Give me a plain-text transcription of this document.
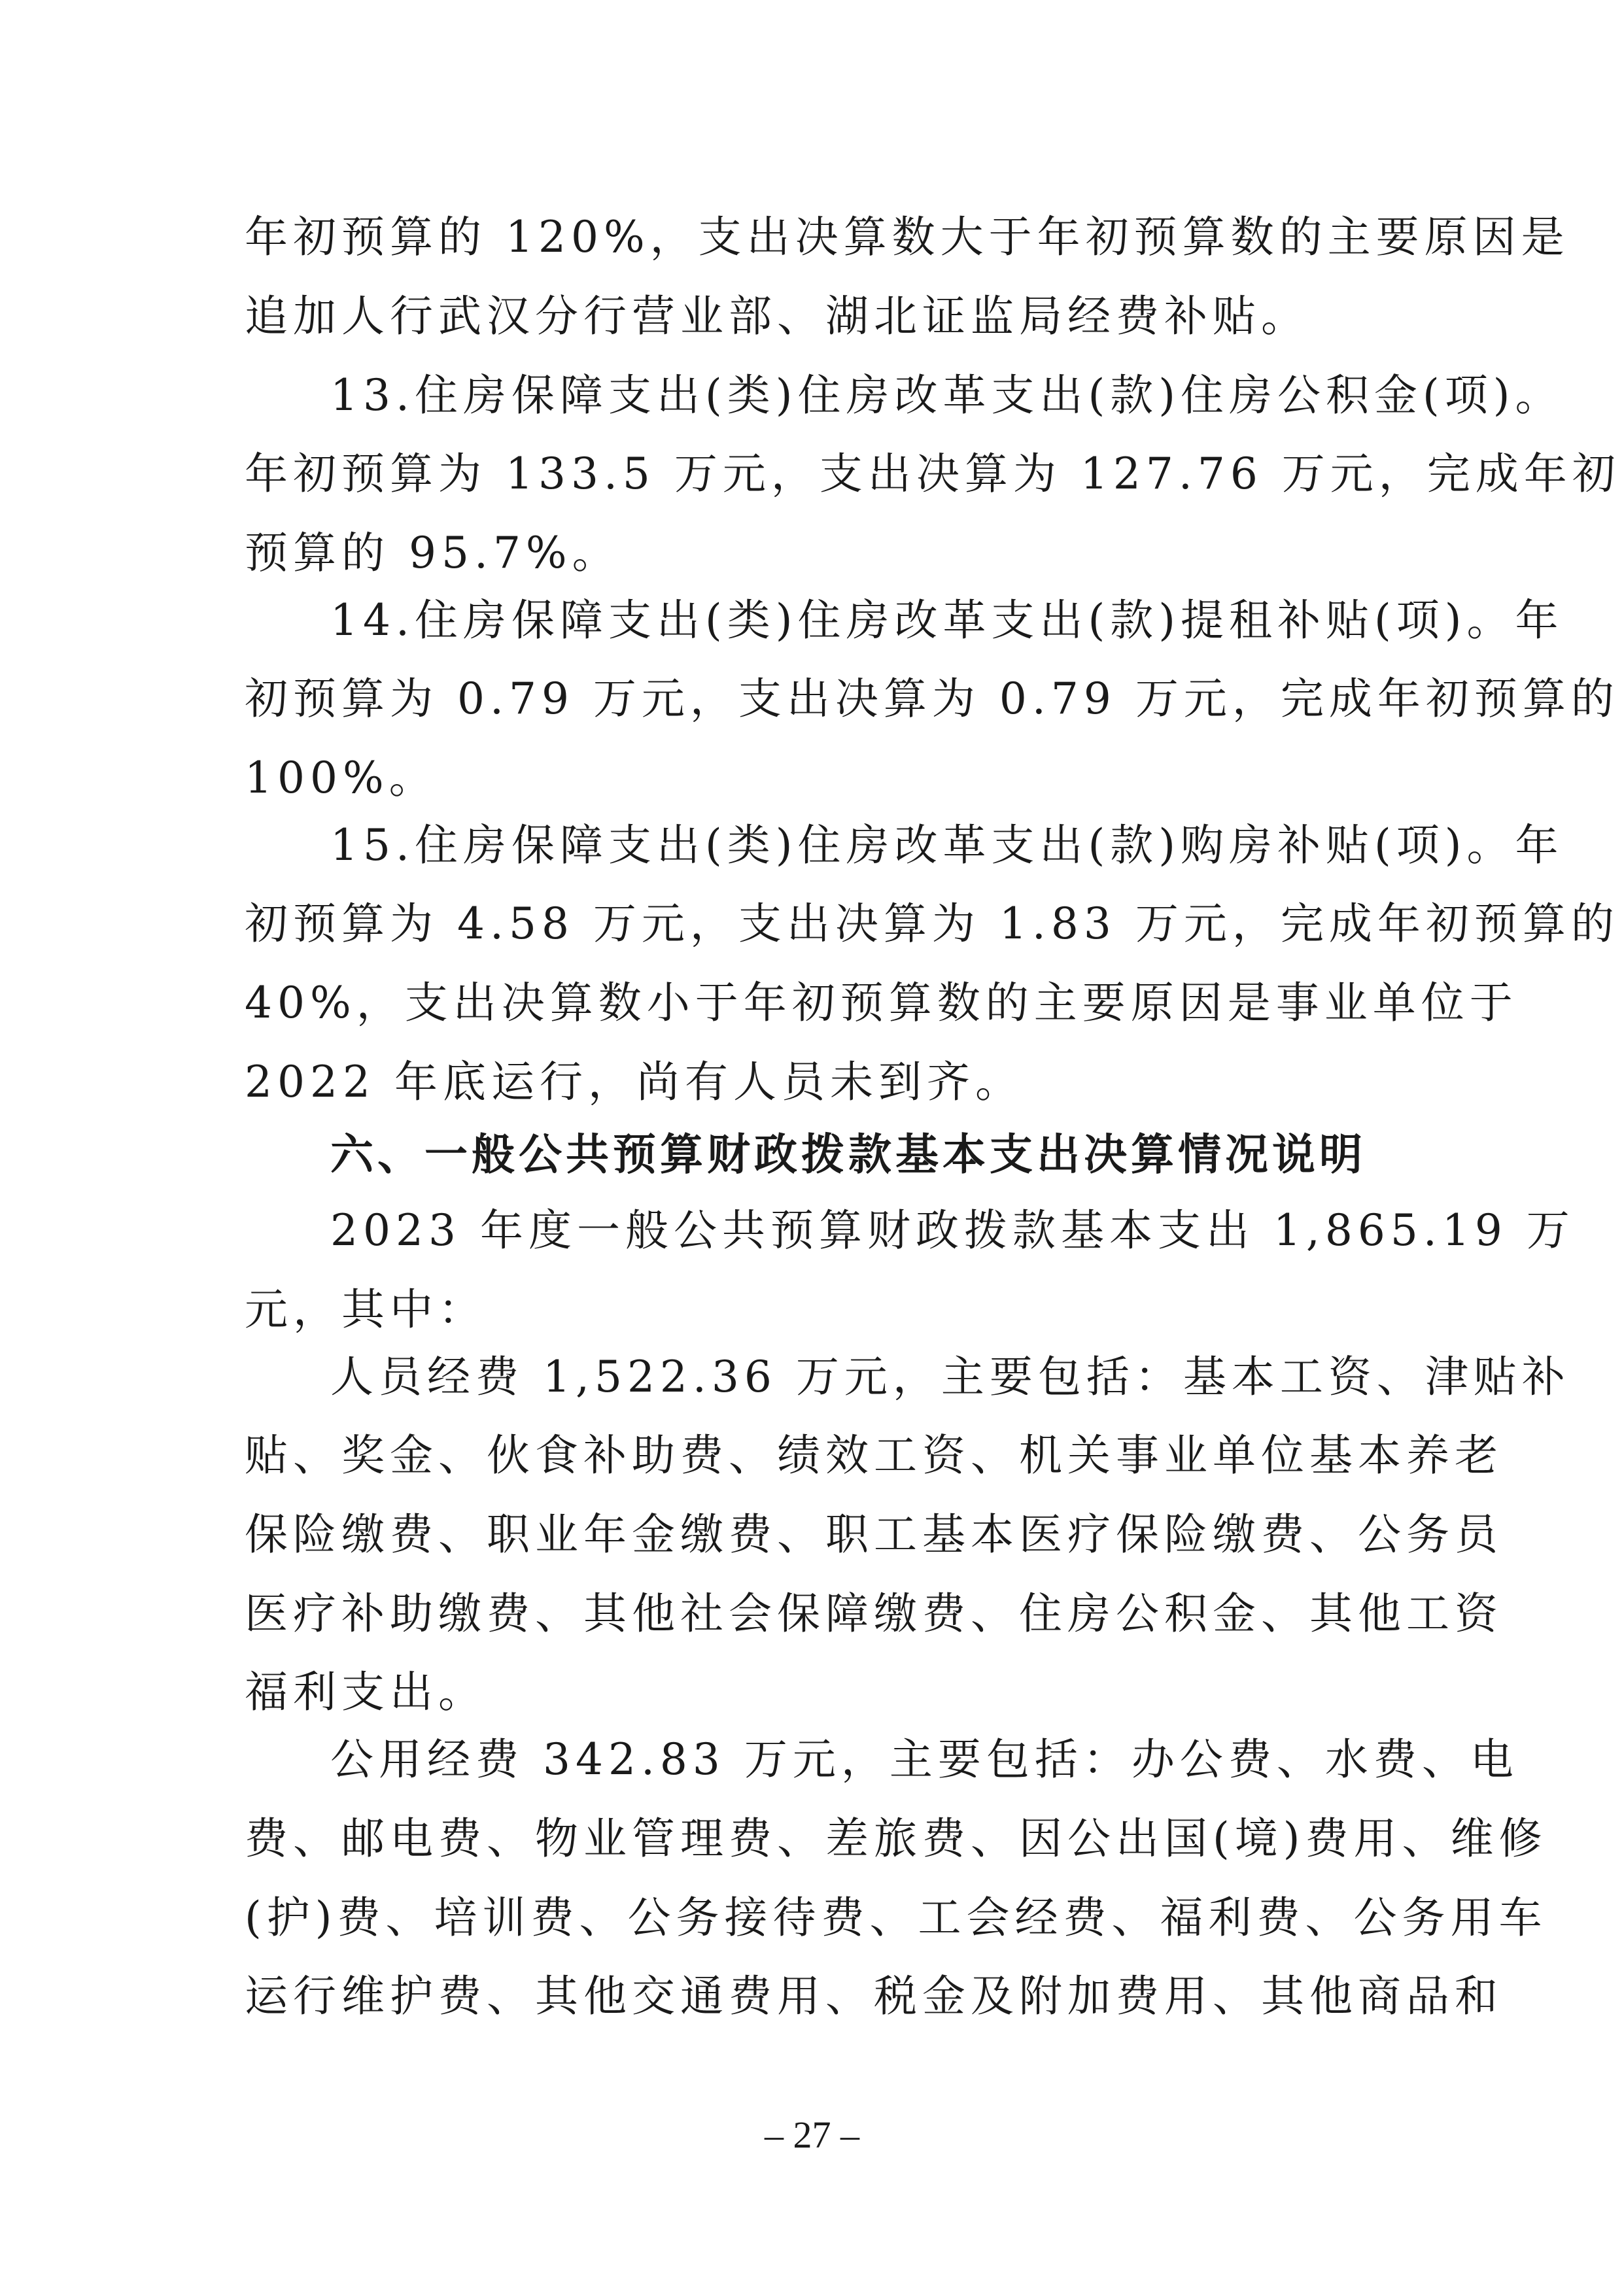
年初预算的 120%，支出决算数大于年初预算数的主要原因是
追加人行武汉分行营业部、湖北证监局经费补贴。
13.住房保障支出(类)住房改革支出(款)住房公积金(项)。
年初预算为 133.5 万元，支出决算为 127.76 万元，完成年初
预算的 95.7%。
14.住房保障支出(类)住房改革支出(款)提租补贴(项)。年
初预算为 0.79 万元，支出决算为 0.79 万元，完成年初预算的
100%。
15.住房保障支出(类)住房改革支出(款)购房补贴(项)。年
初预算为 4.58 万元，支出决算为 1.83 万元，完成年初预算的
40%，支出决算数小于年初预算数的主要原因是事业单位于
2022 年底运行，尚有人员未到齐。
六、一般公共预算财政拨款基本支出决算情况说明
2023 年度一般公共预算财政拨款基本支出 1,865.19 万
元，其中：
人员经费 1,522.36 万元，主要包括：基本工资、津贴补
贴、奖金、伙食补助费、绩效工资、机关事业单位基本养老
保险缴费、职业年金缴费、职工基本医疗保险缴费、公务员
医疗补助缴费、其他社会保障缴费、住房公积金、其他工资
福利支出。
公用经费 342.83 万元，主要包括：办公费、水费、电
费、邮电费、物业管理费、差旅费、因公出国(境)费用、维修
(护)费、培训费、公务接待费、工会经费、福利费、公务用车
运行维护费、其他交通费用、税金及附加费用、其他商品和
– 27 –
